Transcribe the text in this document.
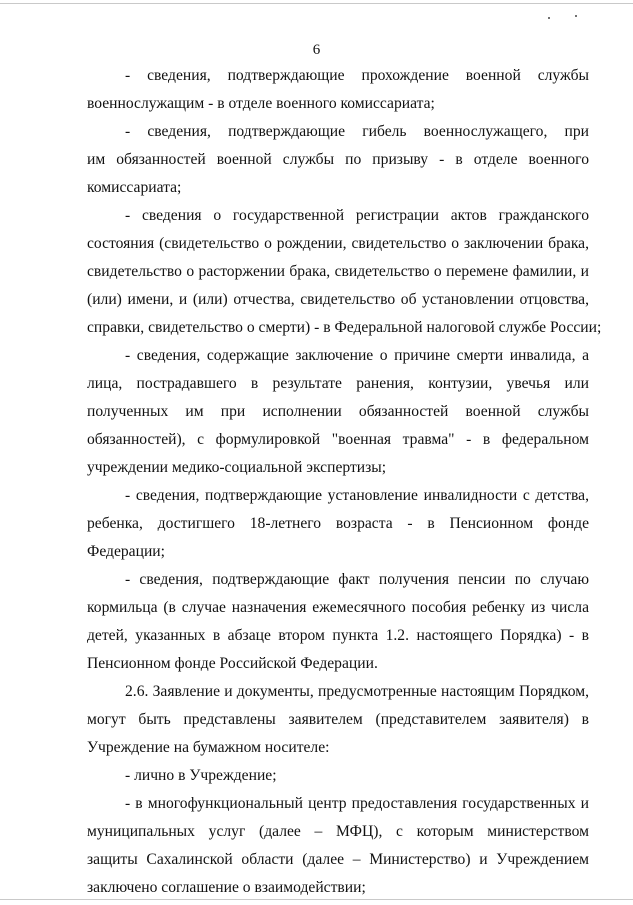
6
- сведения, подтверждающие прохождение военной службы
военнослужащим - в отделе военного комиссариата;
- сведения, подтверждающие гибель военнослужащего, при
им обязанностей военной службы по призыву - в отделе военного
комиссариата;
- сведения о государственной регистрации актов гражданского
состояния (свидетельство о рождении, свидетельство о заключении брака,
свидетельство о расторжении брака, свидетельство о перемене фамилии, и
(или) имени, и (или) отчества, свидетельство об установлении отцовства,
справки, свидетельство о смерти) - в Федеральной налоговой службе России;
- сведения, содержащие заключение о причине смерти инвалида, а
лица, пострадавшего в результате ранения, контузии, увечья или
полученных им при исполнении обязанностей военной службы
обязанностей), с формулировкой "военная травма" - в федеральном
учреждении медико-социальной экспертизы;
- сведения, подтверждающие установление инвалидности с детства,
ребенка, достигшего 18-летнего возраста - в Пенсионном фонде
Федерации;
- сведения, подтверждающие факт получения пенсии по случаю
кормильца (в случае назначения ежемесячного пособия ребенку из числа
детей, указанных в абзаце втором пункта 1.2. настоящего Порядка) - в
Пенсионном фонде Российской Федерации.
2.6. Заявление и документы, предусмотренные настоящим Порядком,
могут быть представлены заявителем (представителем заявителя) в
Учреждение на бумажном носителе:
- лично в Учреждение;
- в многофункциональный центр предоставления государственных и
муниципальных услуг (далее – МФЦ), с которым министерством
защиты Сахалинской области (далее – Министерство) и Учреждением
заключено соглашение о взаимодействии;
